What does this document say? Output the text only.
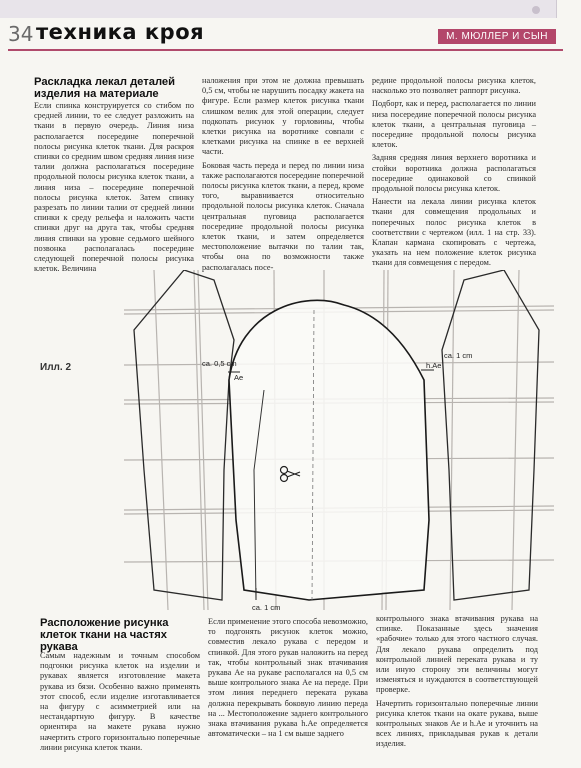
34 техника кроя	М. МЮЛЛЕР И СЫН
Раскладка лекал деталей изделия на материале

Если спинка конструируется со стибом по средней линии, то ее следует разложить на ткани в первую очередь. Линия низа располагается посередине поперечной полосы рисунка клеток ткани. Для раскроя спинки со средним швом средняя линия низе талии должна располагаться посередине продольной полосы рисунка клеток ткани, а линия низа – посередине поперечной полосы рисунка клеток. Затем спинку разрезать по линии талии от средней линии спинки к среду рельефа и наложить части спинки друг на друга так, чтобы средняя линия спинки на уровне седьмого шейного позвонка располагалась посередине следующей поперечной полосы рисунка клеток. Величина

наложения при этом не должна превышать 0,5 см, чтобы не нарушить посадку жакета на фигуре. Если размер клеток рисунка ткани слишком велик для этой операции, следует подкопать рисунок у горловины, чтобы клетки рисунка на воротнике совпали с клетками рисунка на спинке в ее верхней части.

Боковая часть переда и перед по линии низа также располагаются посередине поперечной полосы рисунка клеток ткани, а перед, кроме того, выравнивается относительно продольной полосы рисунка клеток. Сначала центральная пуговица располагается посередине продольной полосы рисунка клеток ткани, и затем определяется местоположение вытачки по талии так, чтобы она по возможности также располагалась посе-

редине продольной полосы рисунка клеток, насколько это позволяет раппорт рисунка.

Подборт, как и перед, располагается по линии низа посередине поперечной полосы рисунка клеток ткани, а центральная пуговица – посередине продольной полосы рисунка клеток.

Задняя средняя линия верхнего воротника и стойки воротника должна располагаться посередине одинаковой со спинкой продольной полосы рисунка клеток.

Нанести на лекала линии рисунка клеток ткани для совмещения продольных и поперечных полос рисунка клеток в соответствии с чертежом (илл. 1 на стр. 33). Клапан кармана скопировать с чертежа, указать на нем положение клеток рисунка ткани для совмещения с передом.

Илл. 2	ca. 0,5 cm
Ae
ca. 1 cm
h.Ae
ca. 1 cm
Расположение рисунка клеток ткани на частях рукава

Самым надежным и точным способом подгонки рисунка клеток на изделии и рукавах является изготовление макета рукава из бязи. Особенно важно применять этот способ, если изделие изготавливается на фигуру с асимметрией или на нестандартную фигуру. В качестве ориентира на макете рукава нужно начертить строго горизонтально поперечные линии рисунка клеток ткани.

Если применение этого способа невозможно, то подгонять рисунок клеток можно, совместив лекало рукава с передом и спинкой. Для этого рукав наложить на перед так, чтобы контрольный знак втачивания рукава Aе на рукаве располагался на 0,5 см выше контрольного знака Aе на переде. При этом линия переднего переката рукава должна перекрывать боковую линию переда на ... Местоположение заднего контрольного знака втачивания рукава h.Ae определяется автоматически – на 1 см выше заднего

контрольного знака втачивания рукава на спинке. Показанные здесь значения «рабочие» только для этого частного случая. Для лекало рукава определить под контрольной линией переката рукава и ту или иную сторону эти величины могут изменяться и нуждаются в соответствующей проверке.

Начертить горизонтально поперечные линии рисунка клеток ткани на окате рукава, выше контрольных знаков Ae и h.Ae и уточнить на всех линиях, прикладывая рукав к детали изделия.
